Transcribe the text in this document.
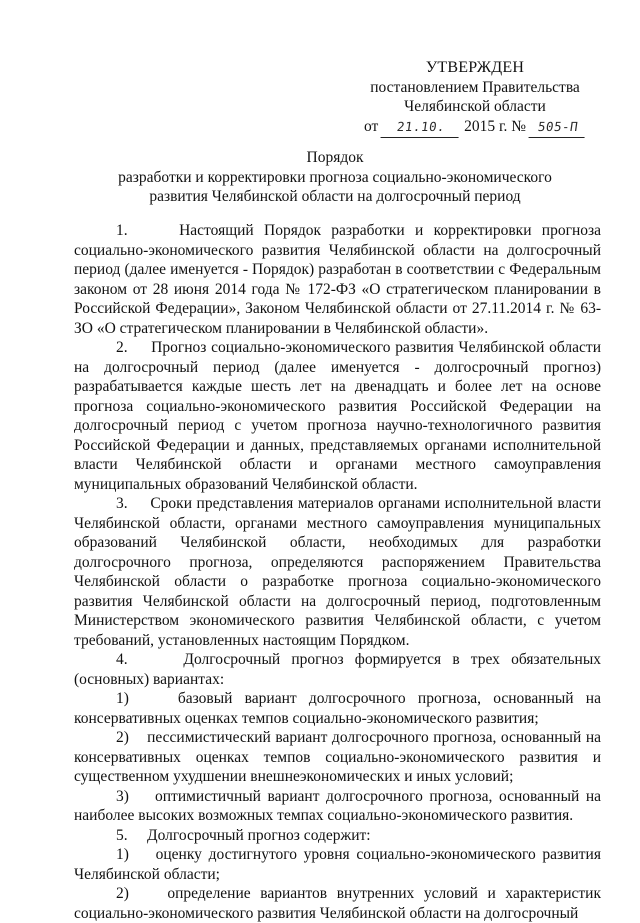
УТВЕРЖДЕН
постановлением Правительства
Челябинской области
от 21.10. 2015 г. № 505-П
Порядок
разработки и корректировки прогноза социально-экономического
развития Челябинской области на долгосрочный период

1.     Настоящий Порядок разработки и корректировки прогноза социально-экономического развития Челябинской области на долгосрочный период (далее именуется - Порядок) разработан в соответствии с Федеральным законом от 28 июня 2014 года № 172-ФЗ «О стратегическом планировании в Российской Федерации», Законом Челябинской области от 27.11.2014 г. № 63-ЗО «О стратегическом планировании в Челябинской области».

2.     Прогноз социально-экономического развития Челябинской области на долгосрочный период (далее именуется - долгосрочный прогноз) разрабатывается каждые шесть лет на двенадцать и более лет на основе прогноза социально-экономического развития Российской Федерации на долгосрочный период с учетом прогноза научно-технологичного развития Российской Федерации и данных, представляемых органами исполнительной власти Челябинской области и органами местного самоуправления муниципальных образований Челябинской области.

3.     Сроки представления материалов органами исполнительной власти Челябинской области, органами местного самоуправления муниципальных образований Челябинской области, необходимых для разработки долгосрочного прогноза, определяются распоряжением Правительства Челябинской области о разработке прогноза социально-экономического развития Челябинской области на долгосрочный период, подготовленным Министерством экономического развития Челябинской области, с учетом требований, установленных настоящим Порядком.

4.     Долгосрочный прогноз формируется в трех обязательных (основных) вариантах:

1)    базовый вариант долгосрочного прогноза, основанный на консервативных оценках темпов социально-экономического развития;

2)    пессимистический вариант долгосрочного прогноза, основанный на консервативных оценках темпов социально-экономического развития и существенном ухудшении внешнеэкономических и иных условий;

3)    оптимистичный вариант долгосрочного прогноза, основанный на наиболее высоких возможных темпах социально-экономического развития.

5.     Долгосрочный прогноз содержит:

1)    оценку достигнутого уровня социально-экономического развития Челябинской области;

2)    определение вариантов внутренних условий и характеристик социально-экономического развития Челябинской области на долгосрочный
